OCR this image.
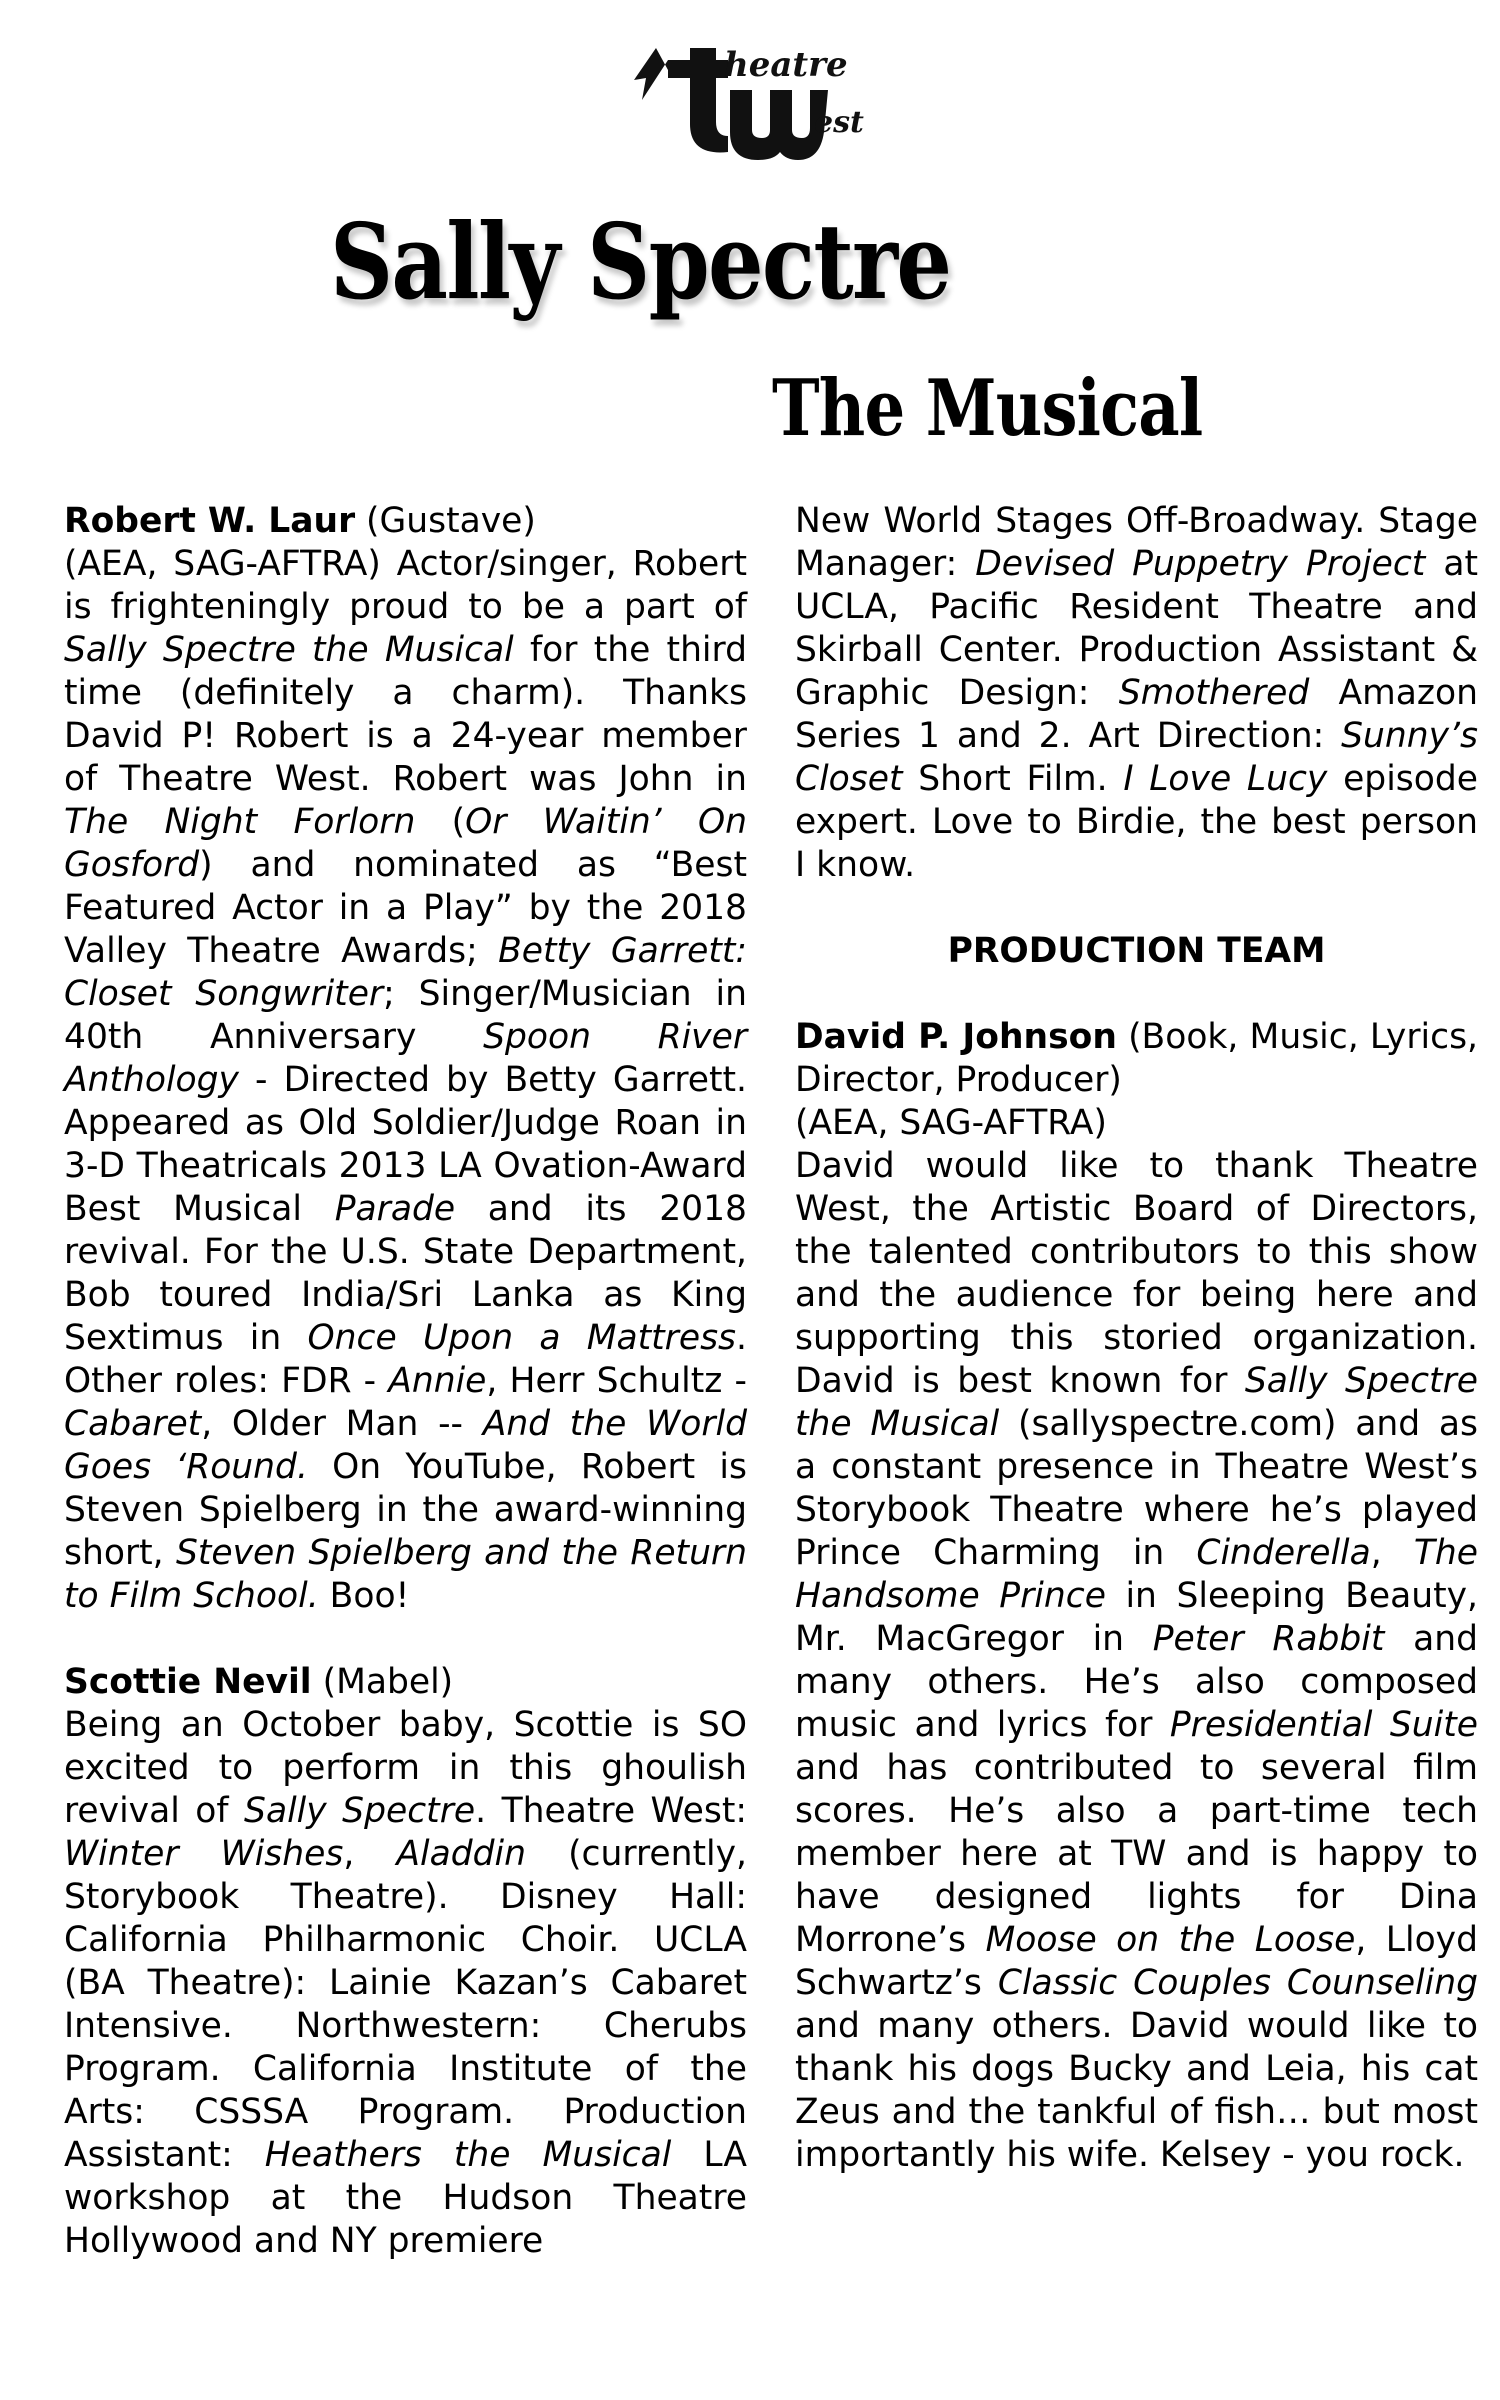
heatre
est
Sally Spectre
The Musical

Robert W. Laur (Gustave)

(AEA, SAG-AFTRA) Actor/singer, Robert is frighteningly proud to be a part of Sally Spectre the Musical for the third time (definitely a charm). Thanks David P! Robert is a 24-year member of Theatre West. Robert was John in The Night Forlorn (Or Waitin’ On Gosford) and nominated as “Best Featured Actor in a Play” by the 2018 Valley Theatre Awards; Betty Garrett: Closet Songwriter; Singer/Musician in 40th Anniversary Spoon River Anthology - Directed by Betty Garrett. Appeared as Old Soldier/Judge Roan in 3-D Theatricals 2013 LA Ovation-Award Best Musical Parade and its 2018 revival. For the U.S. State Department, Bob toured India/Sri Lanka as King Sextimus in Once Upon a Mattress. Other roles: FDR - Annie, Herr Schultz - Cabaret, Older Man -- And the World Goes ‘Round. On YouTube, Robert is Steven Spielberg in the award-winning short, Steven Spielberg and the Return to Film School. Boo!

Scottie Nevil (Mabel)

Being an October baby, Scottie is SO excited to perform in this ghoulish revival of Sally Spectre. Theatre West: Winter Wishes, Aladdin (currently, Storybook Theatre). Disney Hall: California Philharmonic Choir. UCLA (BA Theatre): Lainie Kazan’s Cabaret Intensive. Northwestern: Cherubs Program. California Institute of the Arts: CSSSA Program. Production Assistant: Heathers the Musical LA workshop at the Hudson Theatre Hollywood and NY premiere

New World Stages Off-Broadway. Stage Manager: Devised Puppetry Project at UCLA, Pacific Resident Theatre and Skirball Center. Production Assistant & Graphic Design: Smothered Amazon Series 1 and 2. Art Direction: Sunny’s Closet Short Film. I Love Lucy episode expert. Love to Birdie, the best person I know.

PRODUCTION TEAM

David P. Johnson (Book, Music, Lyrics, Director, Producer)

(AEA, SAG-AFTRA)

David would like to thank Theatre West, the Artistic Board of Directors, the talented contributors to this show and the audience for being here and supporting this storied organization. David is best known for Sally Spectre the Musical (sallyspectre.com) and as a constant presence in Theatre West’s Storybook Theatre where he’s played Prince Charming in Cinderella, The Handsome Prince in Sleeping Beauty, Mr. MacGregor in Peter Rabbit and many others. He’s also composed music and lyrics for Presidential Suite and has contributed to several film scores. He’s also a part-time tech member here at TW and is happy to have designed lights for Dina Morrone’s Moose on the Loose, Lloyd Schwartz’s Classic Couples Counseling and many others. David would like to thank his dogs Bucky and Leia, his cat Zeus and the tankful of fish… but most importantly his wife. Kelsey - you rock.
